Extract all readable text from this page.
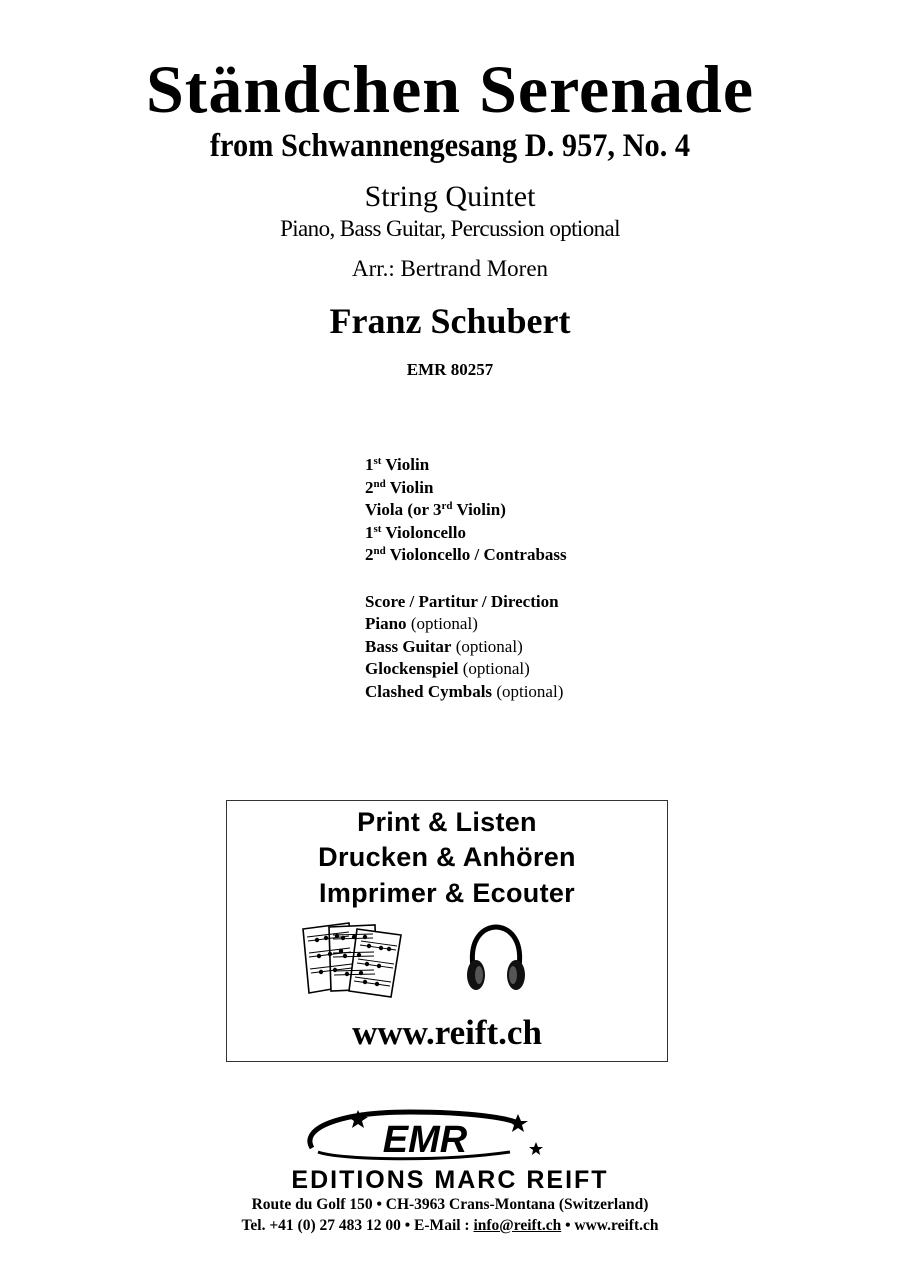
Ständchen Serenade
from Schwannengesang D. 957, No. 4
String Quintet
Piano, Bass Guitar, Percussion optional
Arr.: Bertrand Moren
Franz Schubert
EMR 80257
1st Violin
2nd Violin
Viola (or 3rd Violin)
1st Violoncello
2nd Violoncello / Contrabass
Score / Partitur / Direction
Piano (optional)
Bass Guitar (optional)
Glockenspiel (optional)
Clashed Cymbals (optional)
Print & Listen
Drucken & Anhören
Imprimer & Ecouter
www.reift.ch
EMR
EDITIONS MARC REIFT
Route du Golf 150 • CH-3963 Crans-Montana (Switzerland)
Tel. +41 (0) 27 483 12 00 • E-Mail : info@reift.ch • www.reift.ch
